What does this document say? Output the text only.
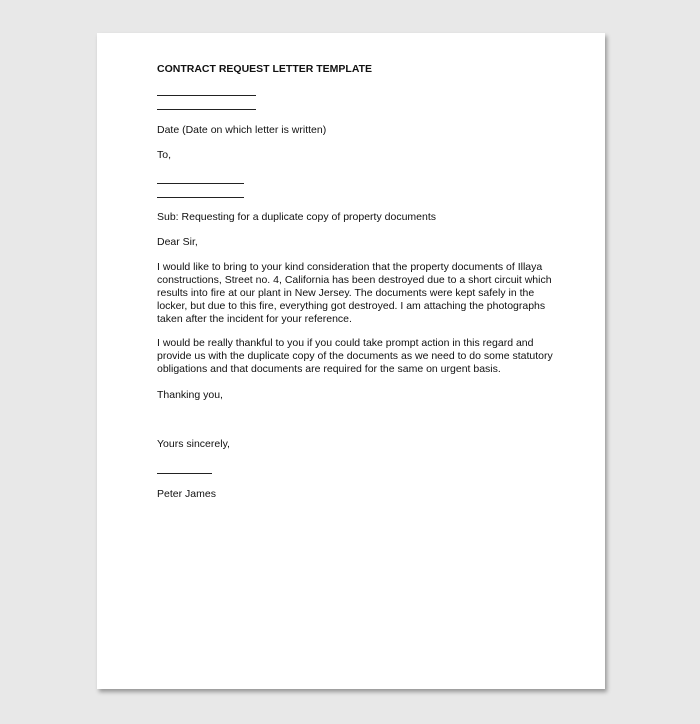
CONTRACT REQUEST LETTER TEMPLATE
Date (Date on which letter is written)
To,
Sub: Requesting for a duplicate copy of property documents
Dear Sir,
I would like to bring to your kind consideration that the property documents of Illaya
constructions, Street no. 4, California has been destroyed due to a short circuit which
results into fire at our plant in New Jersey. The documents were kept safely in the
locker, but due to this fire, everything got destroyed. I am attaching the photographs
taken after the incident for your reference.
I would be really thankful to you if you could take prompt action in this regard and
provide us with the duplicate copy of the documents as we need to do some statutory
obligations and that documents are required for the same on urgent basis.
Thanking you,
Yours sincerely,
Peter James
